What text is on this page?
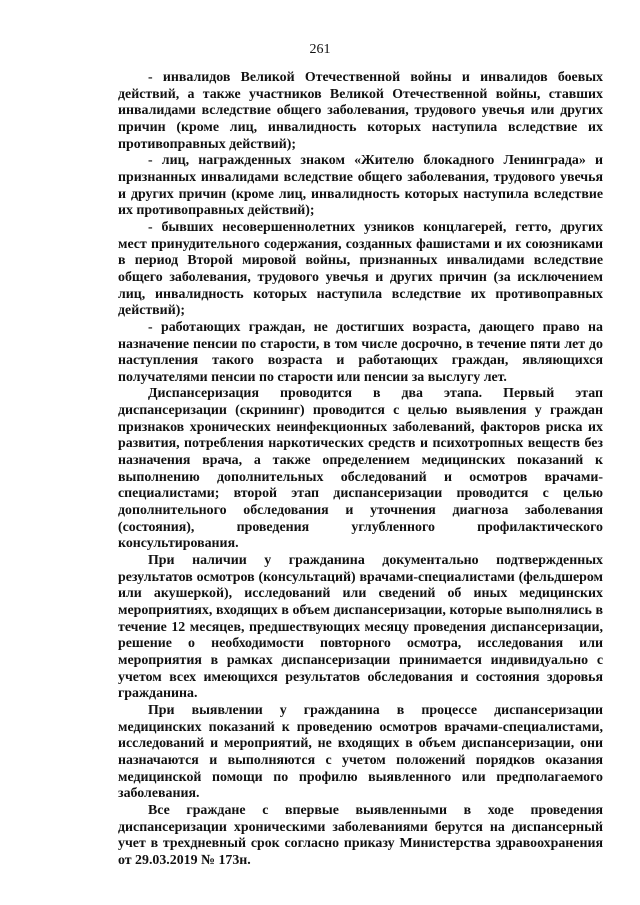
261

- инвалидов Великой Отечественной войны и инвалидов боевых действий, а также участников Великой Отечественной войны, ставших инвалидами вследствие общего заболевания, трудового увечья или других причин (кроме лиц, инвалидность которых наступила вследствие их противоправных действий);

- лиц, награжденных знаком «Жителю блокадного Ленинграда» и признанных инвалидами вследствие общего заболевания, трудового увечья и других причин (кроме лиц, инвалидность которых наступила вследствие их противоправных действий);

- бывших несовершеннолетних узников концлагерей, гетто, других мест принудительного содержания, созданных фашистами и их союзниками в период Второй мировой войны, признанных инвалидами вследствие общего заболевания, трудового увечья и других причин (за исключением лиц, инвалидность которых наступила вследствие их противоправных действий);

- работающих граждан, не достигших возраста, дающего право на назначение пенсии по старости, в том числе досрочно, в течение пяти лет до наступления такого возраста и работающих граждан, являющихся получателями пенсии по старости или пенсии за выслугу лет.

Диспансеризация проводится в два этапа. Первый этап диспансеризации (скрининг) проводится с целью выявления у граждан признаков хронических неинфекционных заболеваний, факторов риска их развития, потребления наркотических средств и психотропных веществ без назначения врача, а также определением медицинских показаний к выполнению дополнительных обследований и осмотров врачами-специалистами; второй этап диспансеризации проводится с целью дополнительного обследования и уточнения диагноза заболевания (состояния), проведения углубленного профилактического консультирования.

При наличии у гражданина документально подтвержденных результатов осмотров (консультаций) врачами-специалистами (фельдшером или акушеркой), исследований или сведений об иных медицинских мероприятиях, входящих в объем диспансеризации, которые выполнялись в течение 12 месяцев, предшествующих месяцу проведения диспансеризации, решение о необходимости повторного осмотра, исследования или мероприятия в рамках диспансеризации принимается индивидуально с учетом всех имеющихся результатов обследования и состояния здоровья гражданина.

При выявлении у гражданина в процессе диспансеризации медицинских показаний к проведению осмотров врачами-специалистами, исследований и мероприятий, не входящих в объем диспансеризации, они назначаются и выполняются с учетом положений порядков оказания медицинской помощи по профилю выявленного или предполагаемого заболевания.

Все граждане с впервые выявленными в ходе проведения диспансеризации хроническими заболеваниями берутся на диспансерный учет в трехдневный срок согласно приказу Министерства здравоохранения от 29.03.2019 № 173н.
